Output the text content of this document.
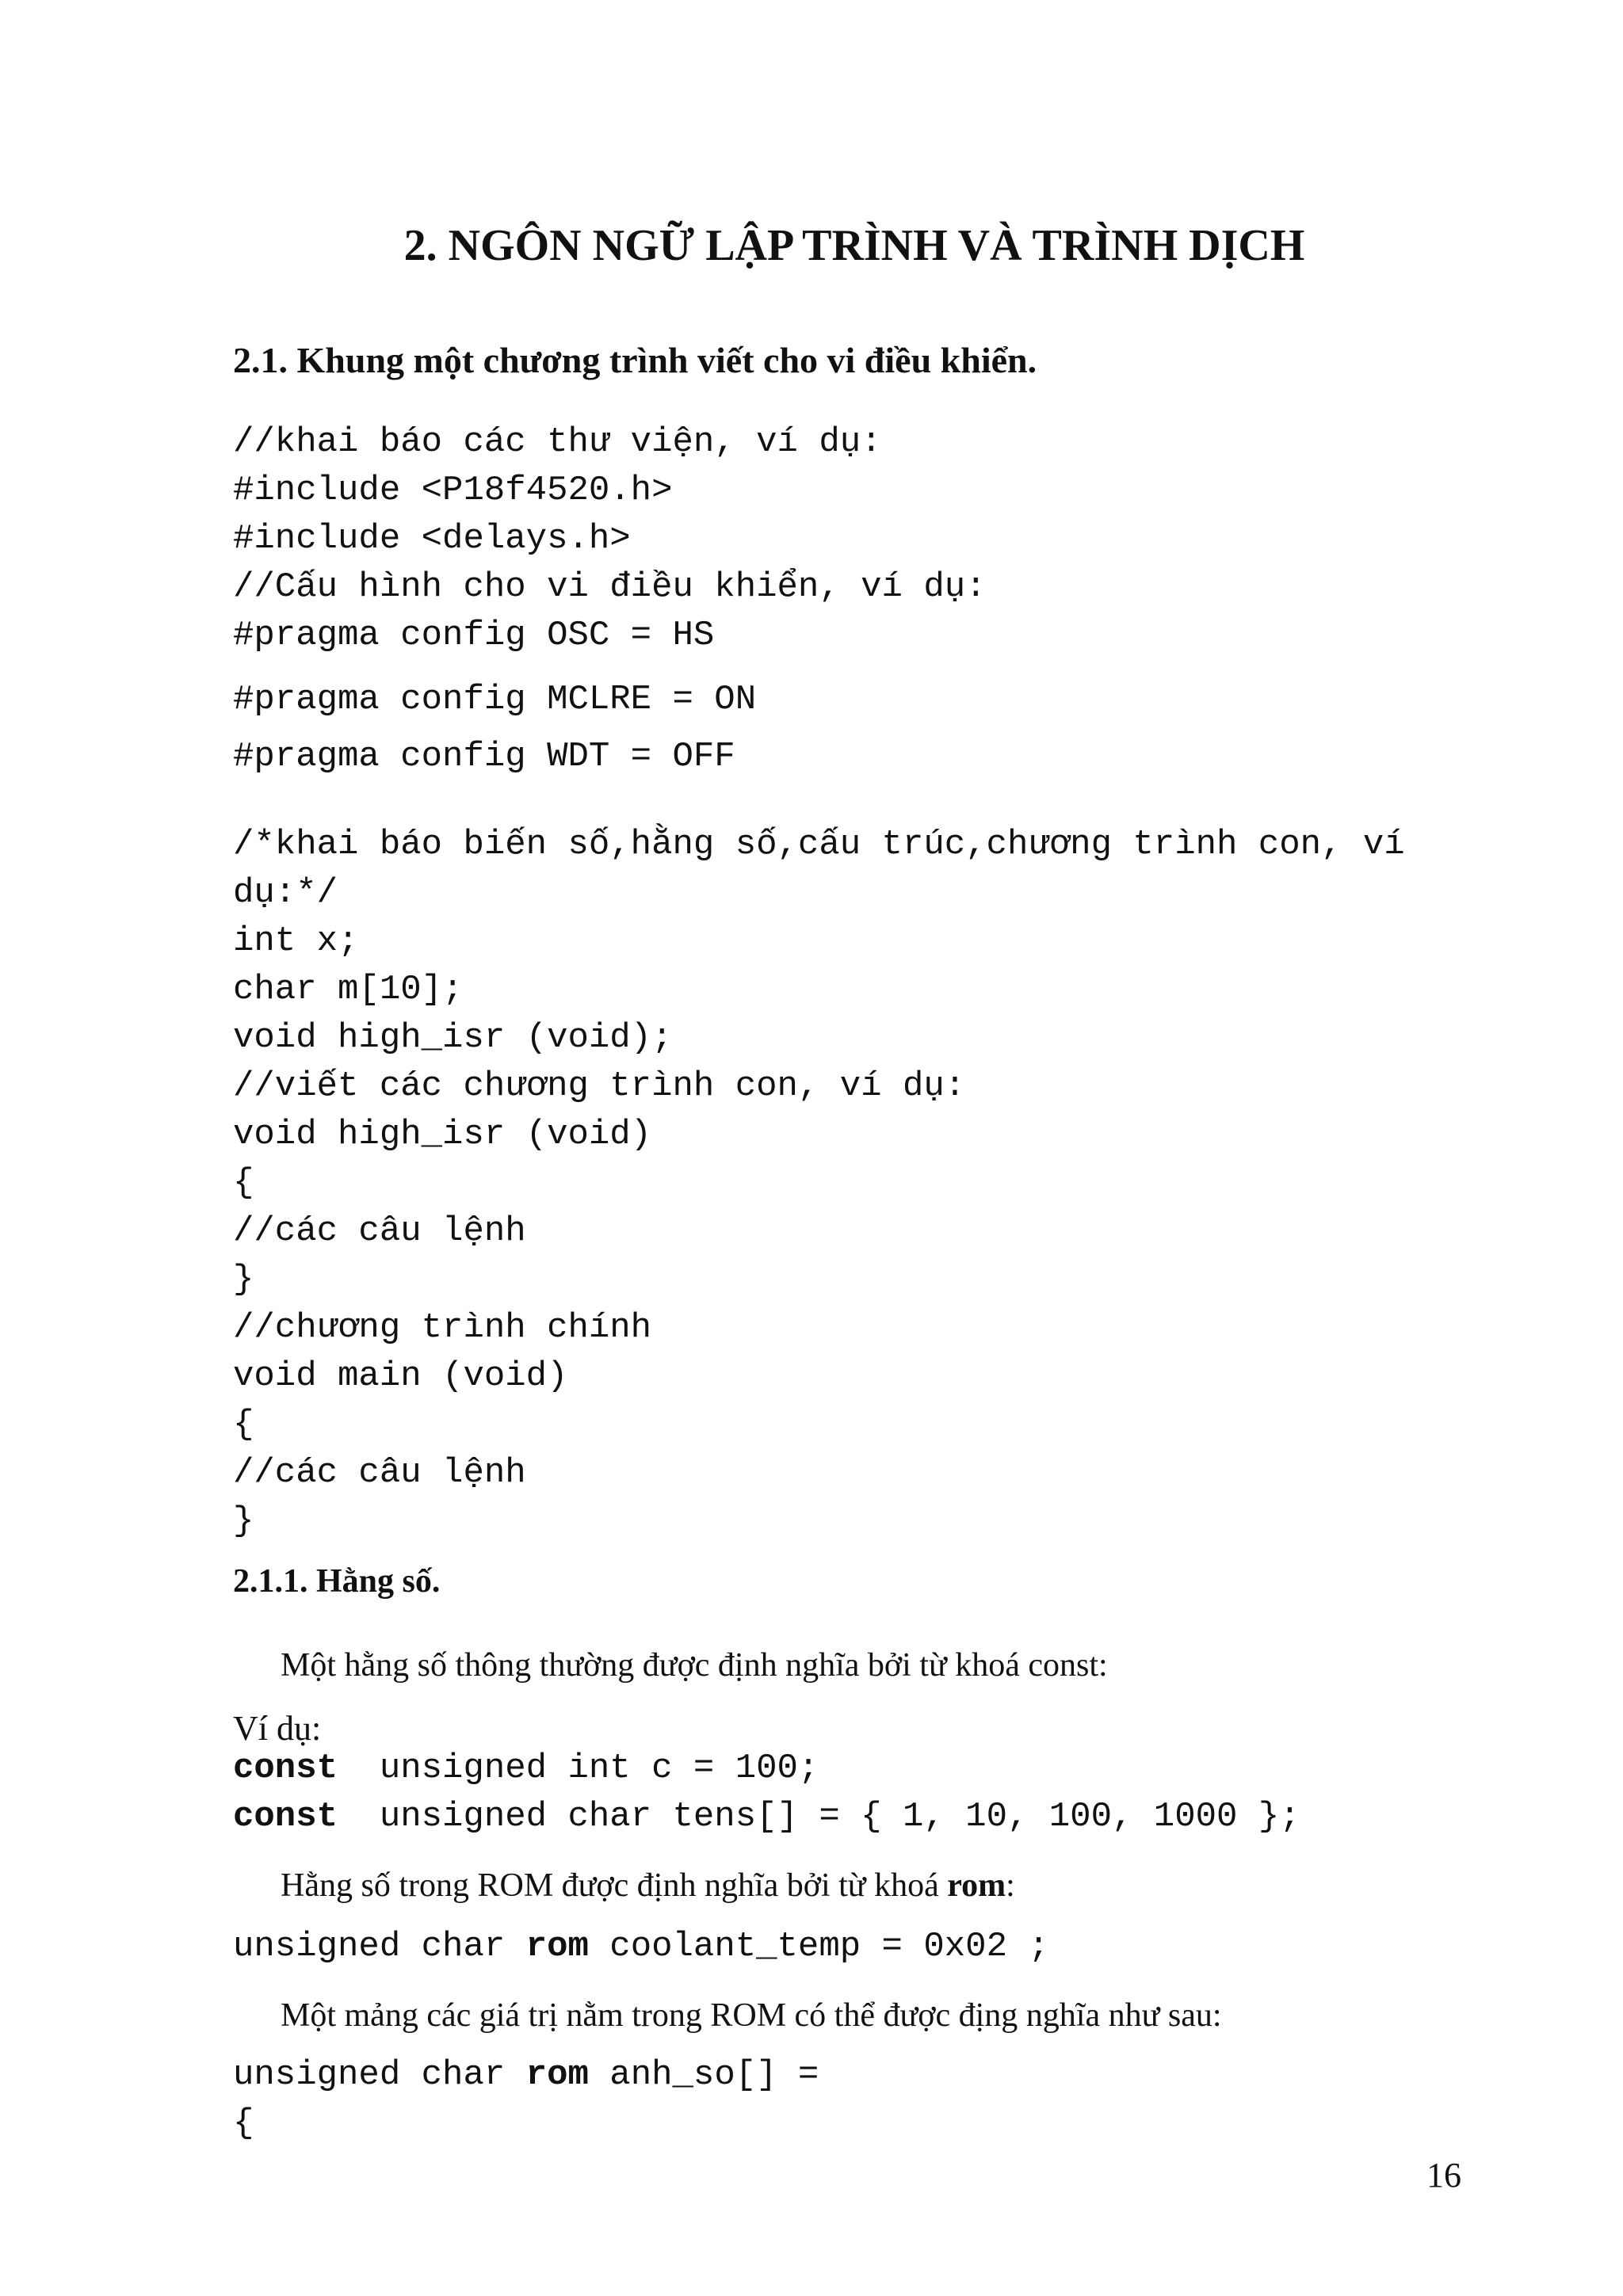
2. NGÔN NGỮ LẬP TRÌNH VÀ TRÌNH DỊCH
2.1. Khung một chương trình viết cho vi điều khiển.
//khai báo các thư viện, ví dụ:
#include <P18f4520.h>
#include <delays.h>
//Cấu hình cho vi điều khiển, ví dụ:
#pragma config OSC = HS
#pragma config MCLRE = ON
#pragma config WDT = OFF
/*khai báo biến số,hằng số,cấu trúc,chương trình con, ví
dụ:*/
int x;
char m[10];
void high_isr (void);
//viết các chương trình con, ví dụ:
void high_isr (void)
{
//các câu lệnh
}
//chương trình chính
void main (void)
{
//các câu lệnh
}
2.1.1. Hằng số.
Một hằng số thông thường được định nghĩa bởi từ khoá const:
Ví dụ:
const  unsigned int c = 100;
const  unsigned char tens[] = { 1, 10, 100, 1000 };
Hằng số trong ROM được định nghĩa bởi từ khoá rom:
unsigned char rom coolant_temp = 0x02 ;
Một mảng các giá trị nằm trong ROM có thể được địng nghĩa như sau:
unsigned char rom anh_so[] =
{
16
